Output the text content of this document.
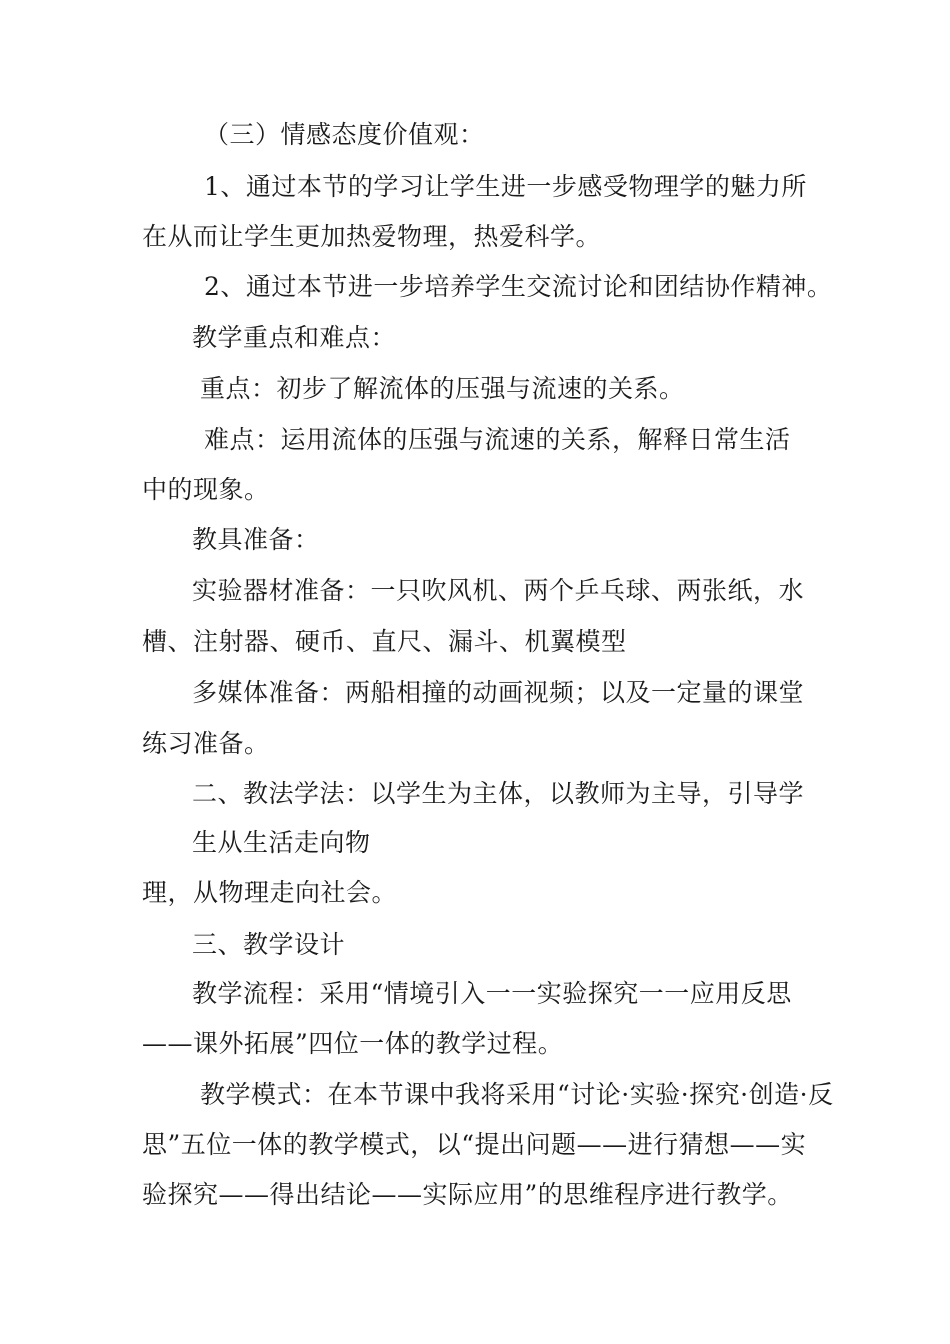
（三）情感态度价值观：
1、通过本节的学习让学生进一步感受物理学的魅力所
在从而让学生更加热爱物理，热爱科学。
2、通过本节进一步培养学生交流讨论和团结协作精神。
教学重点和难点：
重点：初步了解流体的压强与流速的关系。
难点：运用流体的压强与流速的关系，解释日常生活
中的现象。
教具准备：
实验器材准备：一只吹风机、两个乒乓球、两张纸，水
槽、注射器、硬币、直尺、漏斗、机翼模型
多媒体准备：两船相撞的动画视频；以及一定量的课堂
练习准备。
二、教法学法：以学生为主体，以教师为主导，引导学
生从生活走向物
理，从物理走向社会。
三、教学设计
教学流程：采用“情境引入一一实验探究一一应用反思
——课外拓展”四位一体的教学过程。
教学模式：在本节课中我将采用“讨论·实验·探究·创造·反
思”五位一体的教学模式，以“提出问题——进行猜想——实
验探究——得出结论——实际应用”的思维程序进行教学。
